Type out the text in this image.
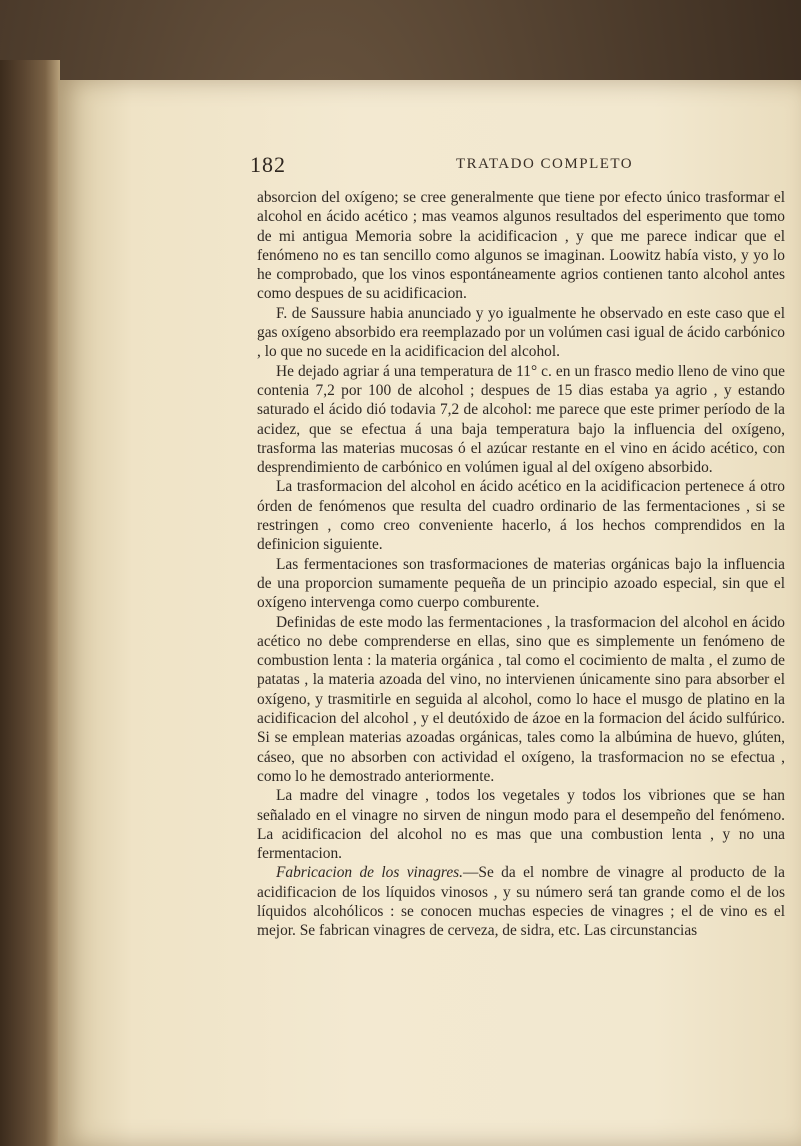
182	TRATADO COMPLETO

absorcion del oxígeno; se cree generalmente que tiene por efecto único trasformar el alcohol en ácido acético ; mas veamos algunos resultados del esperimento que tomo de mi antigua Memoria sobre la acidificacion , y que me parece indicar que el fenómeno no es tan sencillo como algunos se imaginan. Loowitz había visto, y yo lo he comprobado, que los vinos espontáneamente agrios contienen tanto alcohol antes como despues de su acidificacion.

F. de Saussure habia anunciado y yo igualmente he observado en este caso que el gas oxígeno absorbido era reemplazado por un volúmen casi igual de ácido carbónico , lo que no sucede en la acidificacion del alcohol.

He dejado agriar á una temperatura de 11° c. en un frasco medio lleno de vino que contenia 7,2 por 100 de alcohol ; despues de 15 dias estaba ya agrio , y estando saturado el ácido dió todavia 7,2 de alcohol: me parece que este primer período de la acidez, que se efectua á una baja temperatura bajo la influencia del oxígeno, trasforma las materias mucosas ó el azúcar restante en el vino en ácido acético, con desprendimiento de carbónico en volúmen igual al del oxígeno absorbido.

La trasformacion del alcohol en ácido acético en la acidificacion pertenece á otro órden de fenómenos que resulta del cuadro ordinario de las fermentaciones , si se restringen , como creo conveniente hacerlo, á los hechos comprendidos en la definicion siguiente.

Las fermentaciones son trasformaciones de materias orgánicas bajo la influencia de una proporcion sumamente pequeña de un principio azoado especial, sin que el oxígeno intervenga como cuerpo comburente.

Definidas de este modo las fermentaciones , la trasformacion del alcohol en ácido acético no debe comprenderse en ellas, sino que es simplemente un fenómeno de combustion lenta : la materia orgánica , tal como el cocimiento de malta , el zumo de patatas , la materia azoada del vino, no intervienen únicamente sino para absorber el oxígeno, y trasmitirle en seguida al alcohol, como lo hace el musgo de platino en la acidificacion del alcohol , y el deutóxido de ázoe en la formacion del ácido sulfúrico. Si se emplean materias azoadas orgánicas, tales como la albúmina de huevo, glúten, cáseo, que no absorben con actividad el oxígeno, la trasformacion no se efectua , como lo he demostrado anteriormente.

La madre del vinagre , todos los vegetales y todos los vibriones que se han señalado en el vinagre no sirven de ningun modo para el desempeño del fenómeno. La acidificacion del alcohol no es mas que una combustion lenta , y no una fermentacion.

Fabricacion de los vinagres.—Se da el nombre de vinagre al producto de la acidificacion de los líquidos vinosos , y su número será tan grande como el de los líquidos alcohólicos : se conocen muchas especies de vinagres ; el de vino es el mejor. Se fabrican vinagres de cerveza, de sidra, etc. Las circunstancias
